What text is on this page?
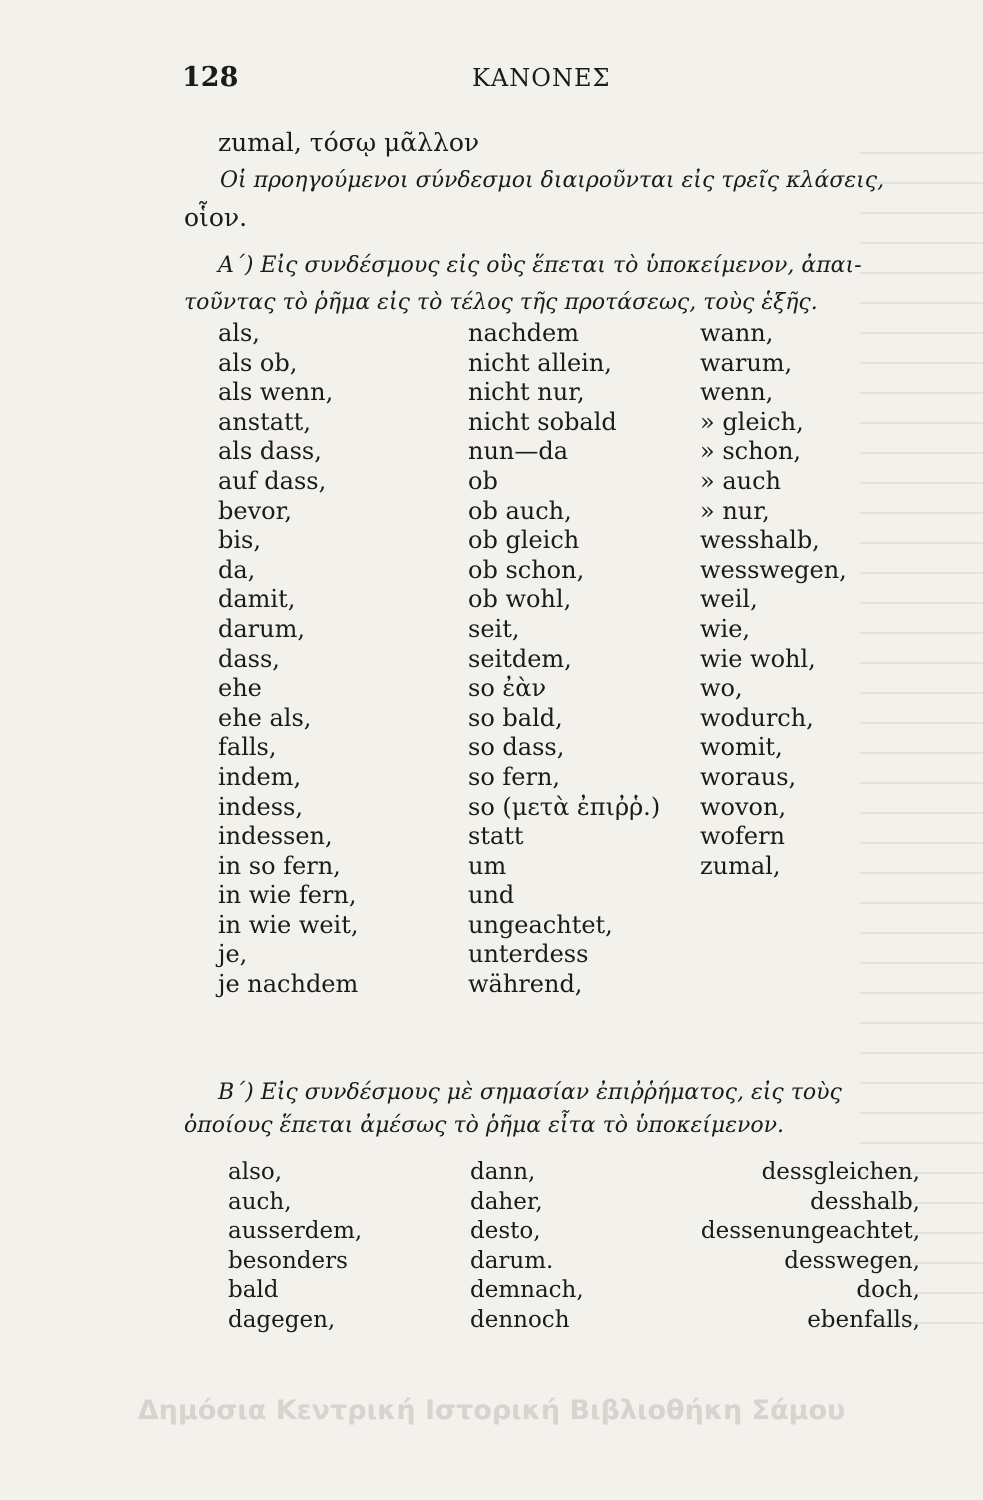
128	ΚΑΝΟΝΕΣ
zumal, τόσῳ μᾶλλον
Οἱ προηγούμενοι σύνδεσμοι διαιροῦνται εἰς τρεῖς κλάσεις,
οἷον.
Α΄) Εἰς συνδέσμους εἰς οὓς ἕπεται τὸ ὑποκείμενον, ἀπαι-
τοῦντας τὸ ῥῆμα εἰς τὸ τέλος τῆς προτάσεως, τοὺς ἑξῆς.
als,
als ob,
als wenn,
anstatt,
als dass,
auf dass,
bevor,
bis,
da,
damit,
darum,
dass,
ehe
ehe als,
falls,
indem,
indess,
indessen,
in so fern,
in wie fern,
in wie weit,
je,
je nachdem
nachdem
nicht allein,
nicht nur,
nicht sobald
nun—da
ob
ob auch,
ob gleich
ob schon,
ob wohl,
seit,
seitdem,
so ἐὰν
so bald,
so dass,
so fern,
so (μετὰ ἐπιῤῥ.)
statt
um
und
ungeachtet,
unterdess
während,
wann,
warum,
wenn,
» gleich,
» schon,
» auch
» nur,
wesshalb,
wesswegen,
weil,
wie,
wie wohl,
wo,
wodurch,
womit,
woraus,
wovon,
wofern
zumal,
Β΄) Εἰς συνδέσμους μὲ σημασίαν ἐπιῤῥήματος, εἰς τοὺς
ὁποίους ἕπεται ἀμέσως τὸ ῥῆμα εἶτα τὸ ὑποκείμενον.
also,
auch,
ausserdem,
besonders
bald
dagegen,
dann,
daher,
desto,
darum.
demnach,
dennoch
dessgleichen,
desshalb,
dessenungeachtet,
desswegen,
doch,
ebenfalls,
Δημόσια Κεντρική Ιστορική Βιβλιοθήκη Σάμου
